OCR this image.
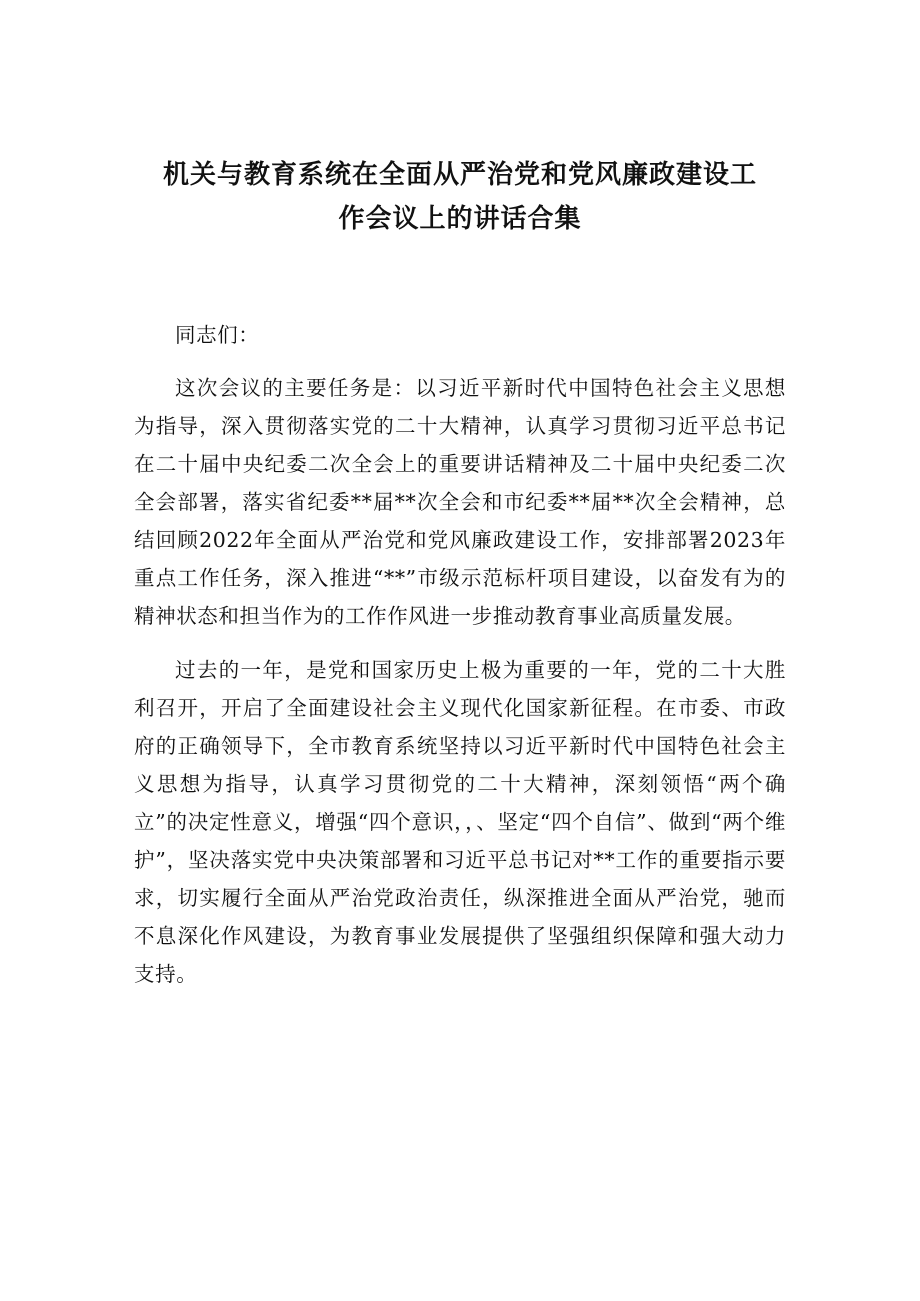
机关与教育系统在全面从严治党和党风廉政建设工
作会议上的讲话合集

同志们：

这次会议的主要任务是：以习近平新时代中国特色社会主义思想为指导，深入贯彻落实党的二十大精神，认真学习贯彻习近平总书记在二十届中央纪委二次全会上的重要讲话精神及二十届中央纪委二次全会部署，落实省纪委**届**次全会和市纪委**届**次全会精神，总结回顾2022年全面从严治党和党风廉政建设工作，安排部署2023年重点工作任务，深入推进“**”市级示范标杆项目建设，以奋发有为的精神状态和担当作为的工作作风进一步推动教育事业高质量发展。

过去的一年，是党和国家历史上极为重要的一年，党的二十大胜利召开，开启了全面建设社会主义现代化国家新征程。在市委、市政府的正确领导下，全市教育系统坚持以习近平新时代中国特色社会主义思想为指导，认真学习贯彻党的二十大精神，深刻领悟“两个确立”的决定性意义，增强“四个意识，，、坚定“四个自信”、做到“两个维护”，坚决落实党中央决策部署和习近平总书记对**工作的重要指示要求，切实履行全面从严治党政治责任，纵深推进全面从严治党，驰而不息深化作风建设，为教育事业发展提供了坚强组织保障和强大动力支持。
